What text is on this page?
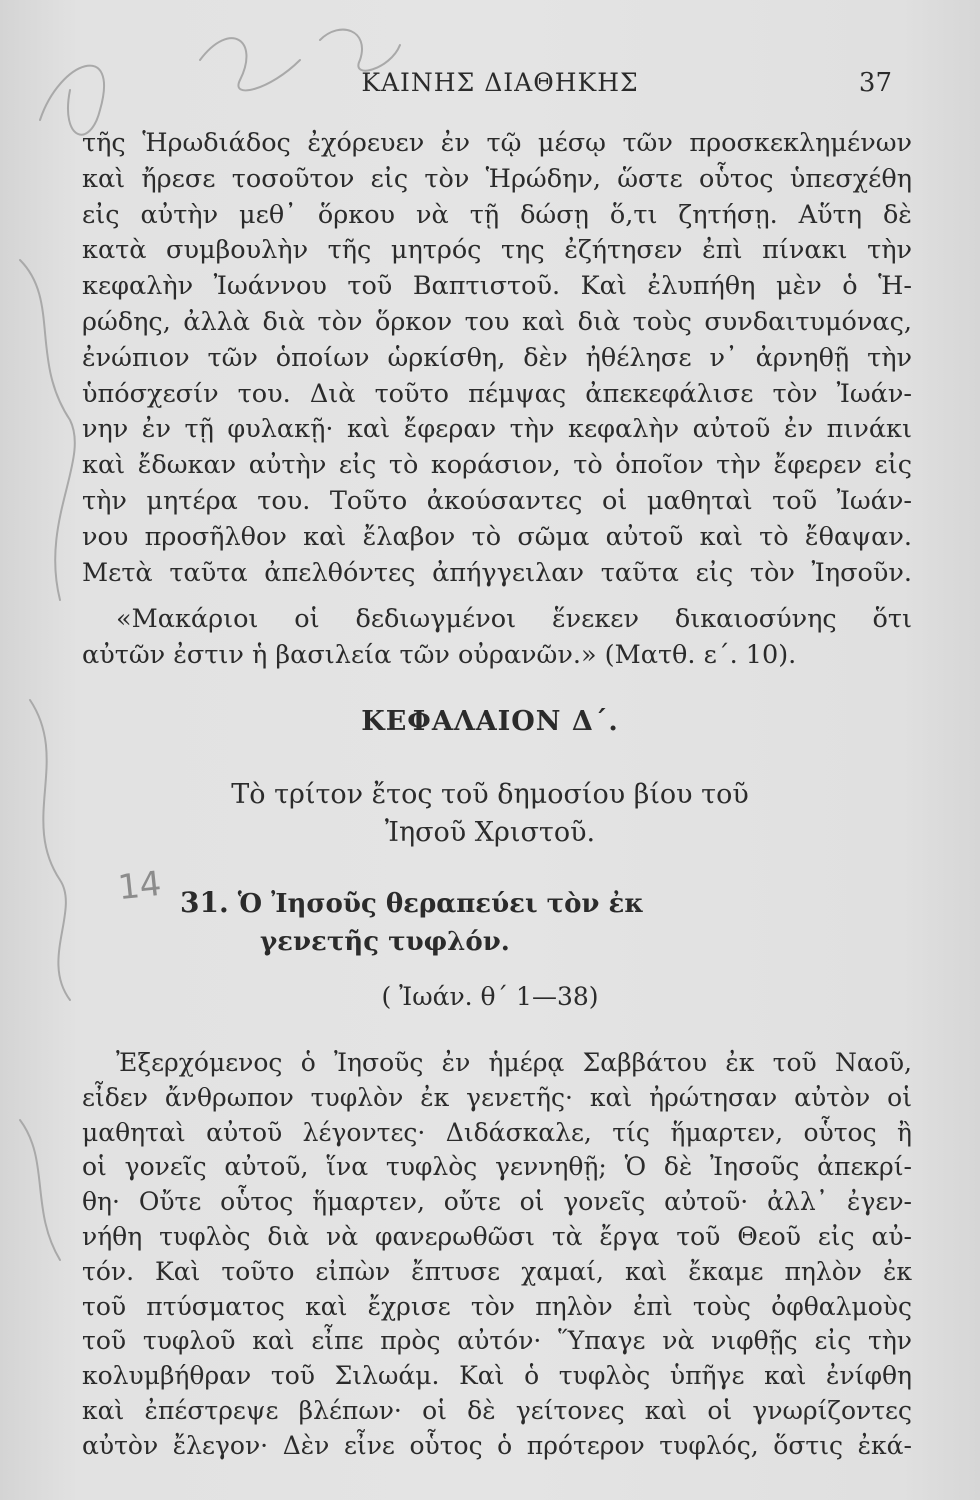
ΚΑΙΝΗΣ ΔΙΑΘΗΚΗΣ	37
τῆς Ἡρωδιάδος ἐχόρευεν ἐν τῷ μέσῳ τῶν προσκεκλημένων
καὶ ἤρεσε τοσοῦτον εἰς τὸν Ἡρώδην, ὥστε οὗτος ὑπεσχέθη
εἰς αὐτὴν μεθ᾿ ὅρκου νὰ τῇ δώσῃ ὅ,τι ζητήσῃ. Αὕτη δὲ
κατὰ συμβουλὴν τῆς μητρός της ἐζήτησεν ἐπὶ πίνακι τὴν
κεφαλὴν Ἰωάννου τοῦ Βαπτιστοῦ. Καὶ ἐλυπήθη μὲν ὁ Ἡ-
ρώδης, ἀλλὰ διὰ τὸν ὅρκον του καὶ διὰ τοὺς συνδαιτυμόνας,
ἐνώπιον τῶν ὁποίων ὡρκίσθη, δὲν ἠθέλησε ν᾿ ἀρνηθῇ τὴν
ὑπόσχεσίν του. Διὰ τοῦτο πέμψας ἀπεκεφάλισε τὸν Ἰωάν-
νην ἐν τῇ φυλακῇ· καὶ ἔφεραν τὴν κεφαλὴν αὐτοῦ ἐν πινάκι
καὶ ἔδωκαν αὐτὴν εἰς τὸ κοράσιον, τὸ ὁποῖον τὴν ἔφερεν εἰς
τὴν μητέρα του. Τοῦτο ἀκούσαντες οἱ μαθηταὶ τοῦ Ἰωάν-
νου προσῆλθον καὶ ἔλαβον τὸ σῶμα αὐτοῦ καὶ τὸ ἔθαψαν.
Μετὰ ταῦτα ἀπελθόντες ἀπήγγειλαν ταῦτα εἰς τὸν Ἰησοῦν.
«Μακάριοι οἱ δεδιωγμένοι ἕνεκεν δικαιοσύνης ὅτι
αὐτῶν ἐστιν ἡ βασιλεία τῶν οὐρανῶν.» (Ματθ. ε΄. 10).
ΚΕΦΑΛΑΙΟΝ Δ΄.
Τὸ τρίτον ἔτος τοῦ δημοσίου βίου τοῦ
Ἰησοῦ Χριστοῦ.
31. Ὁ Ἰησοῦς θεραπεύει τὸν ἐκ
γενετῆς τυφλόν.
( Ἰωάν. θ΄ 1—38)
Ἐξερχόμενος ὁ Ἰησοῦς ἐν ἡμέρᾳ Σαββάτου ἐκ τοῦ Ναοῦ,
εἶδεν ἄνθρωπον τυφλὸν ἐκ γενετῆς· καὶ ἠρώτησαν αὐτὸν οἱ
μαθηταὶ αὐτοῦ λέγοντες· Διδάσκαλε, τίς ἥμαρτεν, οὗτος ἢ
οἱ γονεῖς αὐτοῦ, ἵνα τυφλὸς γεννηθῇ; Ὁ δὲ Ἰησοῦς ἀπεκρί-
θη· Οὔτε οὗτος ἥμαρτεν, οὔτε οἱ γονεῖς αὐτοῦ· ἀλλ᾿ ἐγεν-
νήθη τυφλὸς διὰ νὰ φανερωθῶσι τὰ ἔργα τοῦ Θεοῦ εἰς αὐ-
τόν. Καὶ τοῦτο εἰπὼν ἔπτυσε χαμαί, καὶ ἔκαμε πηλὸν ἐκ
τοῦ πτύσματος καὶ ἔχρισε τὸν πηλὸν ἐπὶ τοὺς ὀφθαλμοὺς
τοῦ τυφλοῦ καὶ εἶπε πρὸς αὐτόν· Ὕπαγε νὰ νιφθῇς εἰς τὴν
κολυμβήθραν τοῦ Σιλωάμ. Καὶ ὁ τυφλὸς ὑπῆγε καὶ ἐνίφθη
καὶ ἐπέστρεψε βλέπων· οἱ δὲ γείτονες καὶ οἱ γνωρίζοντες
αὐτὸν ἔλεγον· Δὲν εἶνε οὗτος ὁ πρότερον τυφλός, ὅστις ἐκά-
14
